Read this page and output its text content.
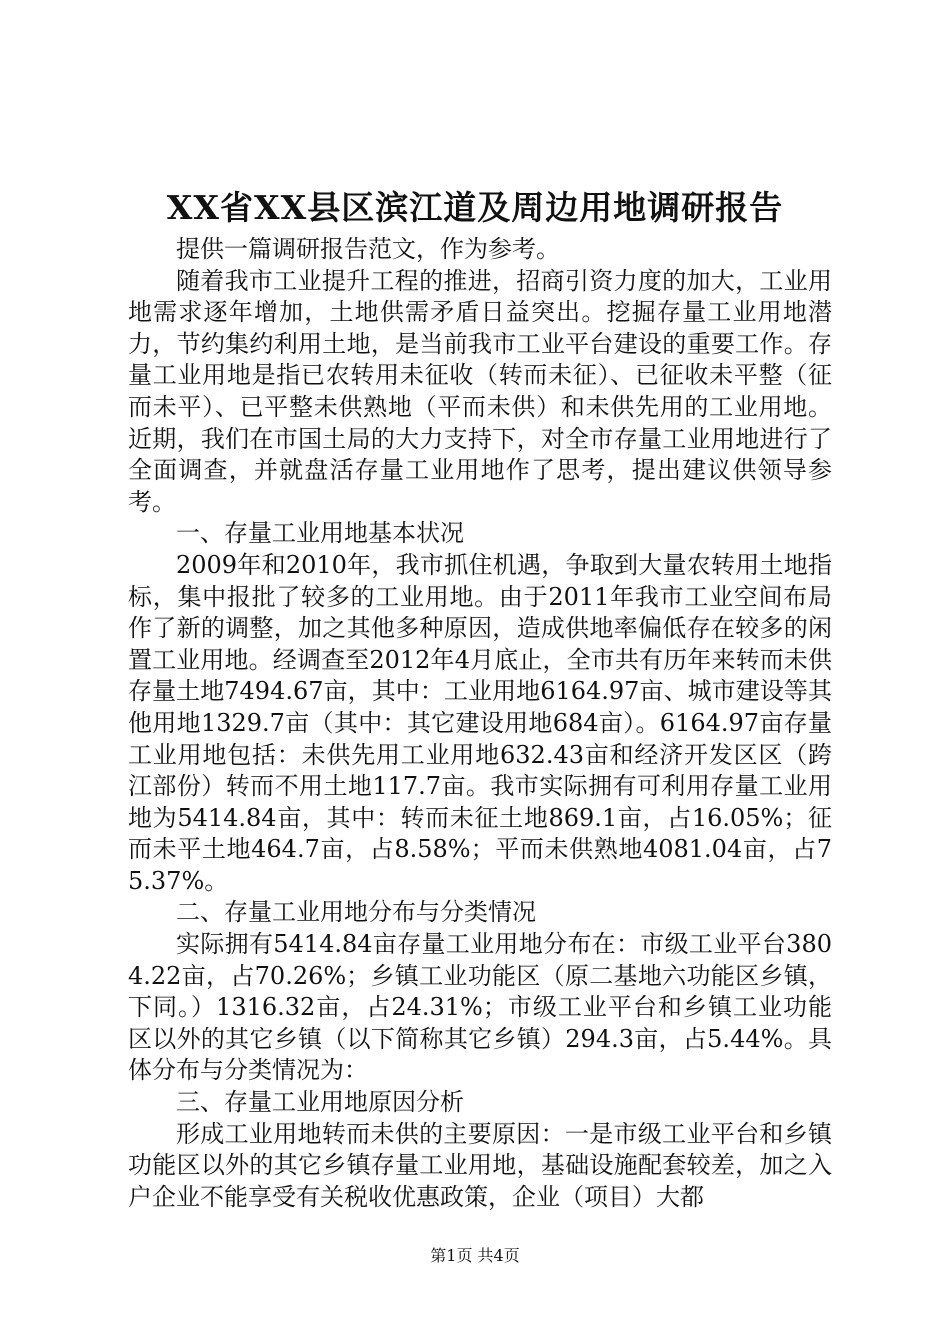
XX省XX县区滨江道及周边用地调研报告

提供一篇调研报告范文，作为参考。

随着我市工业提升工程的推进，招商引资力度的加大，工业用地需求逐年增加，土地供需矛盾日益突出。挖掘存量工业用地潜力，节约集约利用土地，是当前我市工业平台建设的重要工作。存量工业用地是指已农转用未征收（转而未征）、已征收未平整（征而未平）、已平整未供熟地（平而未供）和未供先用的工业用地。近期，我们在市国土局的大力支持下，对全市存量工业用地进行了全面调查，并就盘活存量工业用地作了思考，提出建议供领导参考。

一、存量工业用地基本状况

2009年和2010年，我市抓住机遇，争取到大量农转用土地指标，集中报批了较多的工业用地。由于2011年我市工业空间布局作了新的调整，加之其他多种原因，造成供地率偏低存在较多的闲置工业用地。经调查至2012年4月底止，全市共有历年来转而未供存量土地7494.67亩，其中：工业用地6164.97亩、城市建设等其他用地1329.7亩（其中：其它建设用地684亩）。6164.97亩存量工业用地包括：未供先用工业用地632.43亩和经济开发区区（跨江部份）转而不用土地117.7亩。我市实际拥有可利用存量工业用地为5414.84亩，其中：转而未征土地869.1亩，占16.05%；征而未平土地464.7亩，占8.58%；平而未供熟地4081.04亩，占75.37%。

二、存量工业用地分布与分类情况

实际拥有5414.84亩存量工业用地分布在：市级工业平台3804.22亩，占70.26%；乡镇工业功能区（原二基地六功能区乡镇，下同。）1316.32亩，占24.31%；市级工业平台和乡镇工业功能区以外的其它乡镇（以下简称其它乡镇）294.3亩，占5.44%。具体分布与分类情况为：

三、存量工业用地原因分析

形成工业用地转而未供的主要原因：一是市级工业平台和乡镇功能区以外的其它乡镇存量工业用地，基础设施配套较差，加之入户企业不能享受有关税收优惠政策，企业（项目）大都

第1页 共4页
